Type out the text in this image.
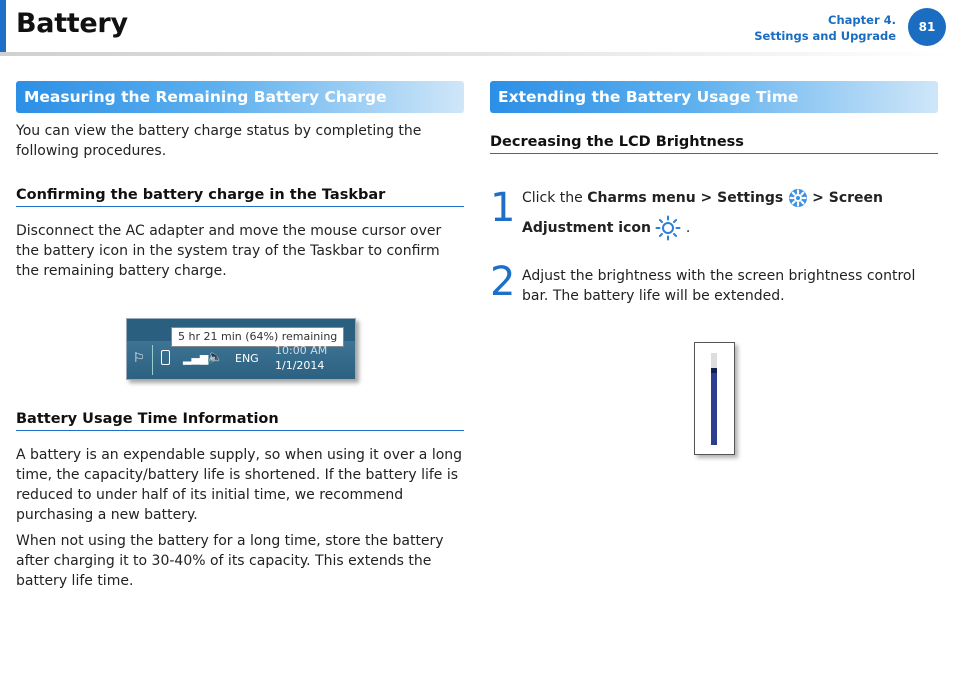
Battery	Chapter 4.
Settings and Upgrade
81
Measuring the Remaining Battery Charge

You can view the battery charge status by completing the following procedures.

Confirming the battery charge in the Taskbar

Disconnect the AC adapter and move the mouse cursor over the battery icon in the system tray of the Taskbar to confirm the remaining battery charge.

5 hr 21 min (64%) remaining
⚐	▂▄▆
🔈 ENG
10:00 AM
1/1/2014
Battery Usage Time Information

A battery is an expendable supply, so when using it over a long time, the capacity/battery life is shortened. If the battery life is reduced to under half of its initial time, we recommend purchasing a new battery.

When not using the battery for a long time, store the battery after charging it to 30-40% of its capacity. This extends the battery life time.

Extending the Battery Usage Time
Decreasing the LCD Brightness
1 Click the Charms menu > Settings > Screen
Adjustment icon .
2 Adjust the brightness with the screen brightness control bar. The battery life will be extended.
